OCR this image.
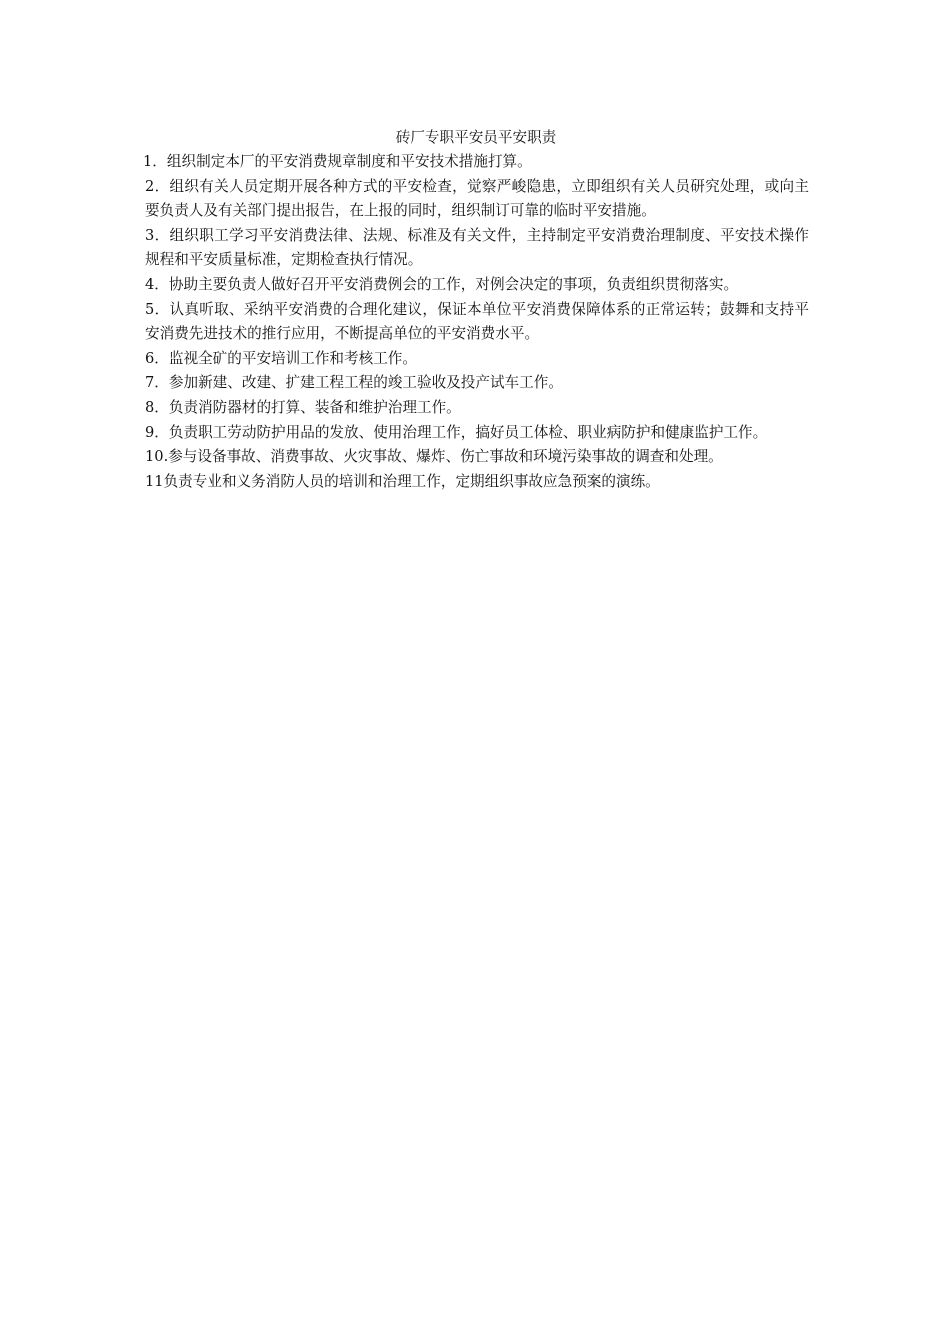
砖厂专职平安员平安职责

1．组织制定本厂的平安消费规章制度和平安技术措施打算。

2．组织有关人员定期开展各种方式的平安检查，觉察严峻隐患，立即组织有关人员研究处理，或向主要负责人及有关部门提出报告，在上报的同时，组织制订可靠的临时平安措施。

3．组织职工学习平安消费法律、法规、标准及有关文件，主持制定平安消费治理制度、平安技术操作规程和平安质量标准，定期检查执行情况。

4．协助主要负责人做好召开平安消费例会的工作，对例会决定的事项，负责组织贯彻落实。

5．认真听取、采纳平安消费的合理化建议，保证本单位平安消费保障体系的正常运转；鼓舞和支持平安消费先进技术的推行应用，不断提高单位的平安消费水平。

6．监视全矿的平安培训工作和考核工作。

7．参加新建、改建、扩建工程工程的竣工验收及投产试车工作。

8．负责消防器材的打算、装备和维护治理工作。

9．负责职工劳动防护用品的发放、使用治理工作，搞好员工体检、职业病防护和健康监护工作。

10.参与设备事故、消费事故、火灾事故、爆炸、伤亡事故和环境污染事故的调查和处理。

11负责专业和义务消防人员的培训和治理工作，定期组织事故应急预案的演练。
